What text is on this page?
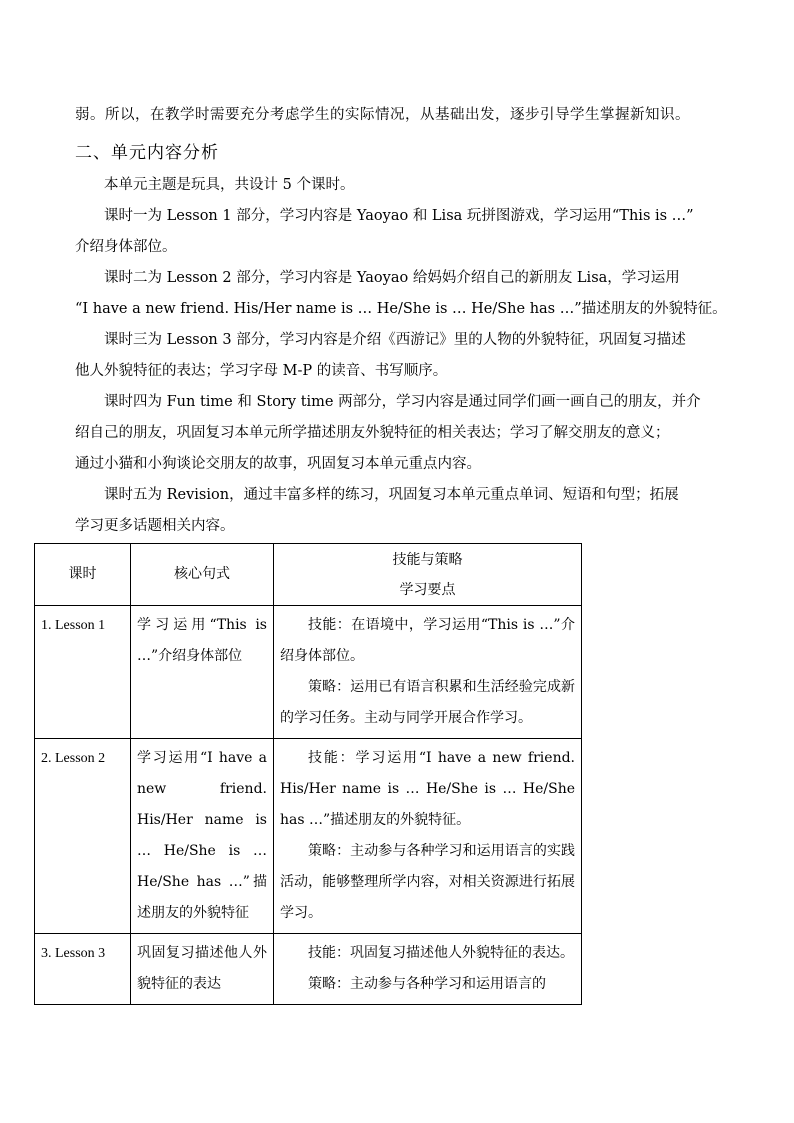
弱。所以，在教学时需要充分考虑学生的实际情况，从基础出发，逐步引导学生掌握新知识。
二、单元内容分析
本单元主题是玩具，共设计 5 个课时。
课时一为 Lesson 1 部分，学习内容是 Yaoyao 和 Lisa 玩拼图游戏，学习运用“This is …”
介绍身体部位。
课时二为 Lesson 2 部分，学习内容是 Yaoyao 给妈妈介绍自己的新朋友 Lisa，学习运用
“I have a new friend. His/Her name is … He/She is … He/She has …”描述朋友的外貌特征。
课时三为 Lesson 3 部分，学习内容是介绍《西游记》里的人物的外貌特征，巩固复习描述
他人外貌特征的表达；学习字母 M-P 的读音、书写顺序。
课时四为 Fun time 和 Story time 两部分，学习内容是通过同学们画一画自己的朋友，并介
绍自己的朋友，巩固复习本单元所学描述朋友外貌特征的相关表达；学习了解交朋友的意义；
通过小猫和小狗谈论交朋友的故事，巩固复习本单元重点内容。
课时五为 Revision，通过丰富多样的练习，巩固复习本单元重点单词、短语和句型；拓展
学习更多话题相关内容。
课时	核心句式	技能与策略
学习要点

1. Lesson 1	学习运用“This is …”介绍身体部位	技能：在语境中，学习运用“This is …”介绍身体部位。
策略：运用已有语言积累和生活经验完成新的学习任务。主动与同学开展合作学习。

2. Lesson 2	学习运用“I have a new friend. His/Her name is … He/She is … He/She has …”描述朋友的外貌特征	技能：学习运用“I have a new friend. His/Her name is … He/She is … He/She has …”描述朋友的外貌特征。
策略：主动参与各种学习和运用语言的实践活动，能够整理所学内容，对相关资源进行拓展学习。

3. Lesson 3	巩固复习描述他人外貌特征的表达	技能：巩固复习描述他人外貌特征的表达。
策略：主动参与各种学习和运用语言的
